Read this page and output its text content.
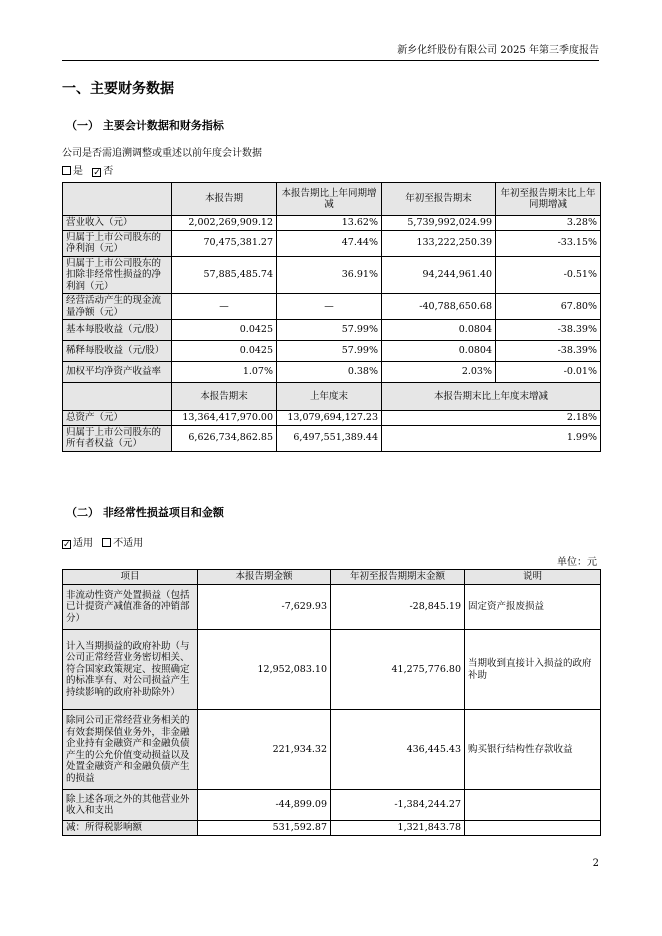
新乡化纤股份有限公司 2025 年第三季度报告
一、主要财务数据
（一） 主要会计数据和财务指标
公司是否需追溯调整或重述以前年度会计数据
是 ✓ 否
	本报告期	本报告期比上年同期增减	年初至报告期末	年初至报告期末比上年同期增减
营业收入（元）	2,002,269,909.12	13.62%	5,739,992,024.99	3.28%
归属于上市公司股东的净利润（元）	70,475,381.27	47.44%	133,222,250.39	-33.15%
归属于上市公司股东的扣除非经常性损益的净利润（元）	57,885,485.74	36.91%	94,244,961.40	-0.51%
经营活动产生的现金流量净额（元）	—	—	-40,788,650.68	67.80%
基本每股收益（元/股）	0.0425	57.99%	0.0804	-38.39%
稀释每股收益（元/股）	0.0425	57.99%	0.0804	-38.39%
加权平均净资产收益率	1.07%	0.38%	2.03%	-0.01%
	本报告期末	上年度末	本报告期末比上年度末增减	
总资产（元）	13,364,417,970.00	13,079,694,127.23	2.18%	
归属于上市公司股东的所有者权益（元）	6,626,734,862.85	6,497,551,389.44	1.99%	
（二） 非经常性损益项目和金额
✓ 适用 不适用
单位：元
项目	本报告期金额	年初至报告期期末金额	说明
非流动性资产处置损益（包括已计提资产减值准备的冲销部分）	-7,629.93	-28,845.19	固定资产报废损益
计入当期损益的政府补助（与公司正常经营业务密切相关、符合国家政策规定、按照确定的标准享有、对公司损益产生持续影响的政府补助除外）	12,952,083.10	41,275,776.80	当期收到直接计入损益的政府补助
除同公司正常经营业务相关的有效套期保值业务外，非金融企业持有金融资产和金融负债产生的公允价值变动损益以及处置金融资产和金融负债产生的损益	221,934.32	436,445.43	购买银行结构性存款收益
除上述各项之外的其他营业外收入和支出	-44,899.09	-1,384,244.27	
减：所得税影响额	531,592.87	1,321,843.78	
2
